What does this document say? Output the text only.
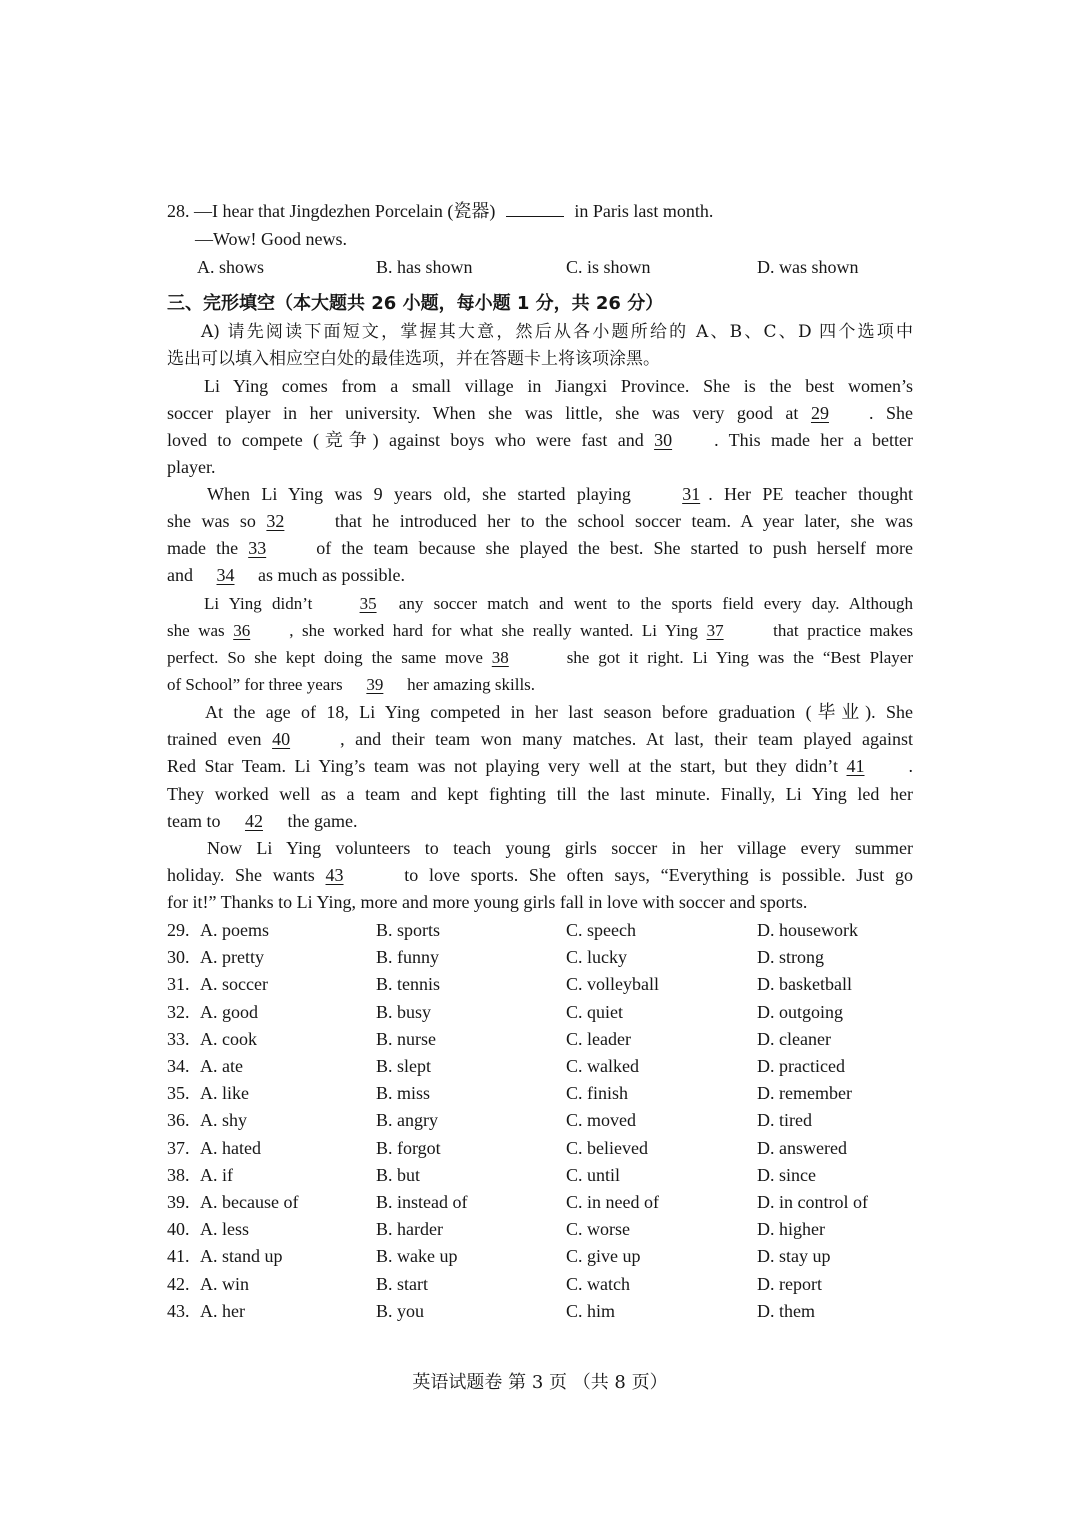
28. —I hear that Jingdezhen Porcelain (瓷器)	in Paris last month.
—Wow! Good news.
A. shows	B. has shown	C. is shown	D. was shown
三、完形填空（本大题共 26 小题，每小题 1 分，共 26 分）
A) 请先阅读下面短文，掌握其大意，然后从各小题所给的 A、B、C、D 四个选项中
选出可以填入相应空白处的最佳选项，并在答题卡上将该项涂黑。
Li Ying comes from a small village in Jiangxi Province. She is the best women’s
soccer player in her university. When she was little, she was very good at 29 . She
loved to compete (竞争) against boys who were fast and 30 . This made her a better
player.
When Li Ying was 9 years old, she started playing 31 . Her PE teacher thought
she was so 32 that he introduced her to the school soccer team. A year later, she was
made the 33 of the team because she played the best. She started to push herself more
and 34 as much as possible.
Li Ying didn’t 35 any soccer match and went to the sports field every day. Although
she was 36 , she worked hard for what she really wanted. Li Ying 37 that practice makes
perfect. So she kept doing the same move 38	she got it right. Li Ying was the “Best Player
of School” for three years 39 her amazing skills.
At the age of 18, Li Ying competed in her last season before graduation (毕业). She
trained even 40	, and their team won many matches. At last, their team played against
Red Star Team. Li Ying’s team was not playing very well at the start, but they didn’t 41 .
They worked well as a team and kept fighting till the last minute. Finally, Li Ying led her
team to 42 the game.
Now Li Ying volunteers to teach young girls soccer in her village every summer
holiday. She wants 43	to love sports. She often says, “Everything is possible. Just go
for it!” Thanks to Li Ying, more and more young girls fall in love with soccer and sports.
29. A. poems	B. sports	C. speech	D. housework
30. A. pretty	B. funny	C. lucky	D. strong
31. A. soccer	B. tennis	C. volleyball	D. basketball
32. A. good	B. busy	C. quiet	D. outgoing
33. A. cook	B. nurse	C. leader	D. cleaner
34. A. ate	B. slept	C. walked	D. practiced
35. A. like	B. miss	C. finish	D. remember
36. A. shy	B. angry	C. moved	D. tired
37. A. hated	B. forgot	C. believed	D. answered
38. A. if	B. but	C. until	D. since
39. A. because of	B. instead of	C. in need of	D. in control of
40. A. less	B. harder	C. worse	D. higher
41. A. stand up	B. wake up	C. give up	D. stay up
42. A. win	B. start	C. watch	D. report
43. A. her	B. you	C. him	D. them
英语试题卷 第 3 页 （共 8 页）
